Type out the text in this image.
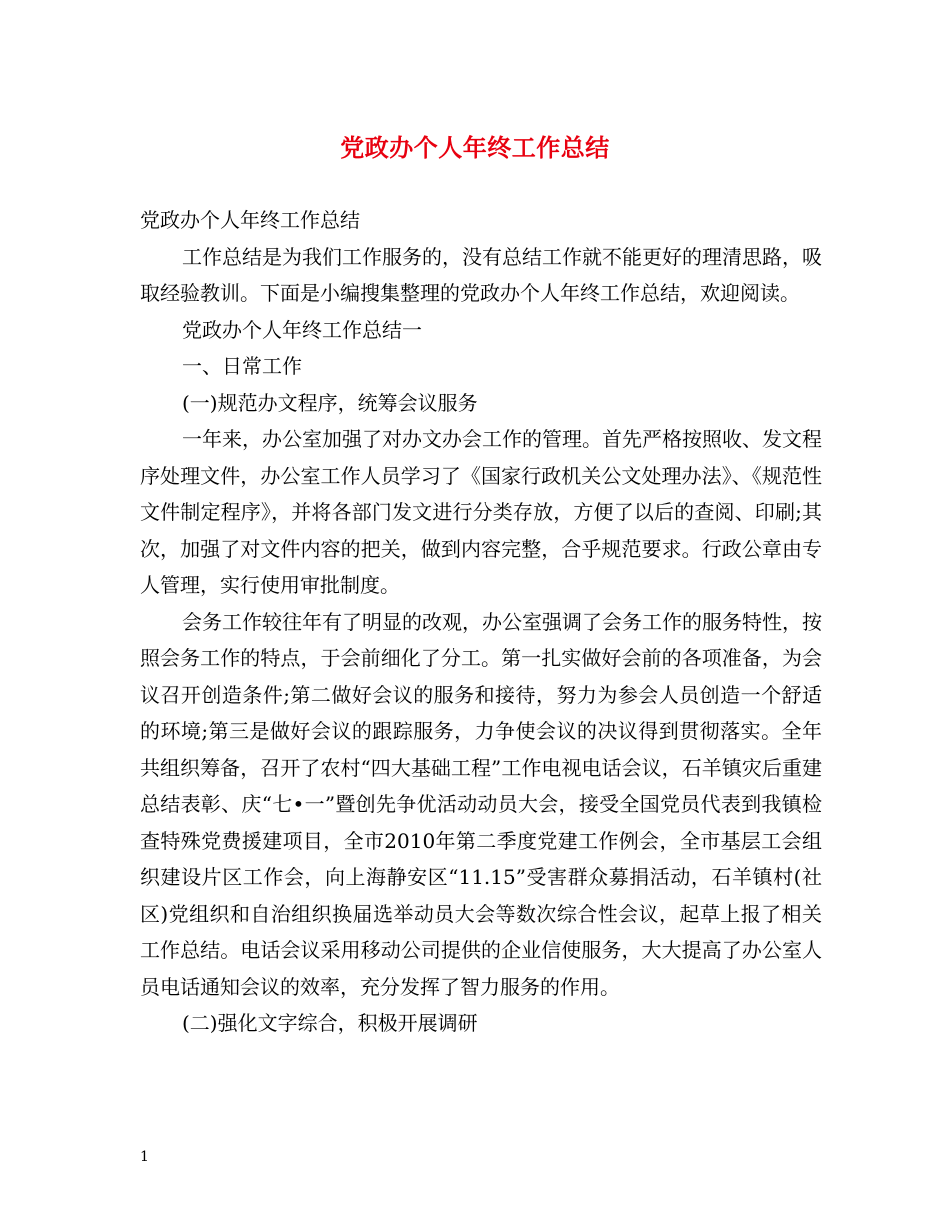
党政办个人年终工作总结

党政办个人年终工作总结

工作总结是为我们工作服务的，没有总结工作就不能更好的理清思路，吸取经验教训。下面是小编搜集整理的党政办个人年终工作总结，欢迎阅读。

党政办个人年终工作总结一

一、日常工作

(一)规范办文程序，统筹会议服务

一年来，办公室加强了对办文办会工作的管理。首先严格按照收、发文程序处理文件，办公室工作人员学习了《国家行政机关公文处理办法》、《规范性文件制定程序》，并将各部门发文进行分类存放，方便了以后的查阅、印刷;其次，加强了对文件内容的把关，做到内容完整，合乎规范要求。行政公章由专人管理，实行使用审批制度。

会务工作较往年有了明显的改观，办公室强调了会务工作的服务特性，按照会务工作的特点，于会前细化了分工。第一扎实做好会前的各项准备，为会议召开创造条件;第二做好会议的服务和接待，努力为参会人员创造一个舒适的环境;第三是做好会议的跟踪服务，力争使会议的决议得到贯彻落实。全年共组织筹备，召开了农村“四大基础工程”工作电视电话会议，石羊镇灾后重建总结表彰、庆“七•一”暨创先争优活动动员大会，接受全国党员代表到我镇检查特殊党费援建项目，全市2010年第二季度党建工作例会，全市基层工会组织建设片区工作会，向上海静安区“11.15”受害群众募捐活动，石羊镇村(社区)党组织和自治组织换届选举动员大会等数次综合性会议，起草上报了相关工作总结。电话会议采用移动公司提供的企业信使服务，大大提高了办公室人员电话通知会议的效率，充分发挥了智力服务的作用。

(二)强化文字综合，积极开展调研

1
